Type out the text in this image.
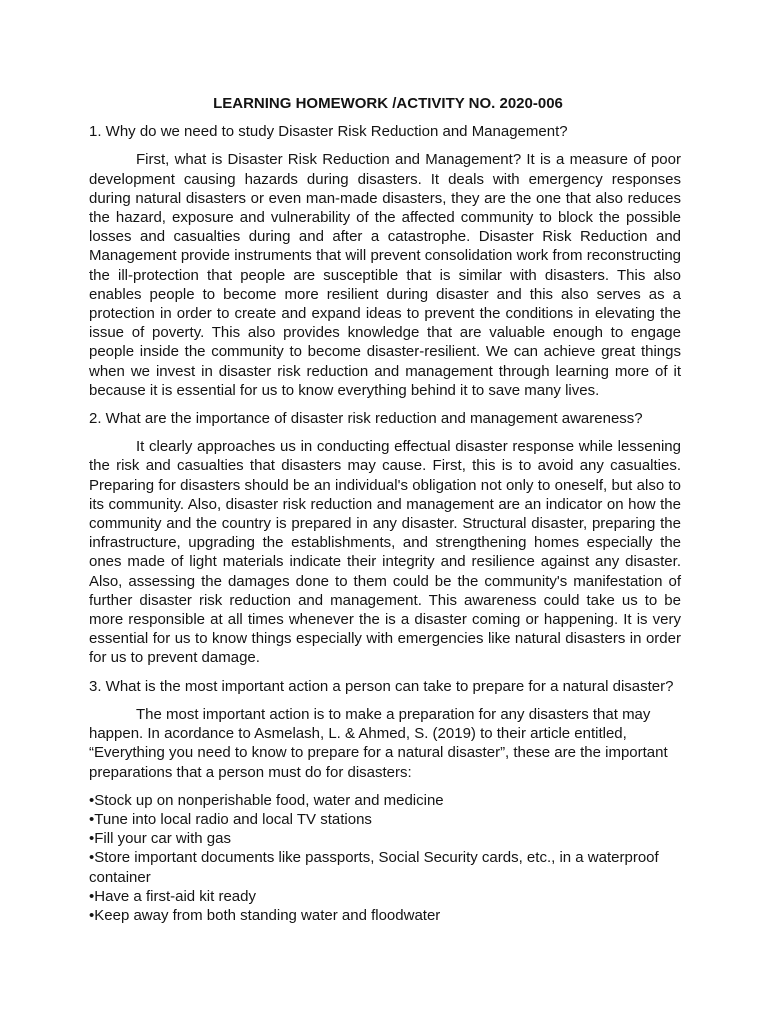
LEARNING HOMEWORK /ACTIVITY NO. 2020-006
1. Why do we need to study Disaster Risk Reduction and Management?
First, what is Disaster Risk Reduction and Management? It is a measure of poor development causing hazards during disasters. It deals with emergency responses during natural disasters or even man-made disasters, they are the one that also reduces the hazard, exposure and vulnerability of the affected community to block the possible losses and casualties during and after a catastrophe. Disaster Risk Reduction and Management provide instruments that will prevent consolidation work from reconstructing the ill-protection that people are susceptible that is similar with disasters. This also enables people to become more resilient during disaster and this also serves as a protection in order to create and expand ideas to prevent the conditions in elevating the issue of poverty. This also provides knowledge that are valuable enough to engage people inside the community to become disaster-resilient. We can achieve great things when we invest in disaster risk reduction and management through learning more of it because it is essential for us to know everything behind it to save many lives.
2. What are the importance of disaster risk reduction and management awareness?
It clearly approaches us in conducting effectual disaster response while lessening the risk and casualties that disasters may cause. First, this is to avoid any casualties. Preparing for disasters should be an individual's obligation not only to oneself, but also to its community. Also, disaster risk reduction and management are an indicator on how the community and the country is prepared in any disaster. Structural disaster, preparing the infrastructure, upgrading the establishments, and strengthening homes especially the ones made of light materials indicate their integrity and resilience against any disaster. Also, assessing the damages done to them could be the community's manifestation of further disaster risk reduction and management. This awareness could take us to be more responsible at all times whenever the is a disaster coming or happening. It is very essential for us to know things especially with emergencies like natural disasters in order for us to prevent damage.
3. What is the most important action a person can take to prepare for a natural disaster?
The most important action is to make a preparation for any disasters that may happen. In acordance to Asmelash, L. & Ahmed, S. (2019) to their article entitled, “Everything you need to know to prepare for a natural disaster”, these are the important preparations that a person must do for disasters:
•Stock up on nonperishable food, water and medicine
•Tune into local radio and local TV stations
•Fill your car with gas
•Store important documents like passports, Social Security cards, etc., in a waterproof container
•Have a first-aid kit ready
•Keep away from both standing water and floodwater
